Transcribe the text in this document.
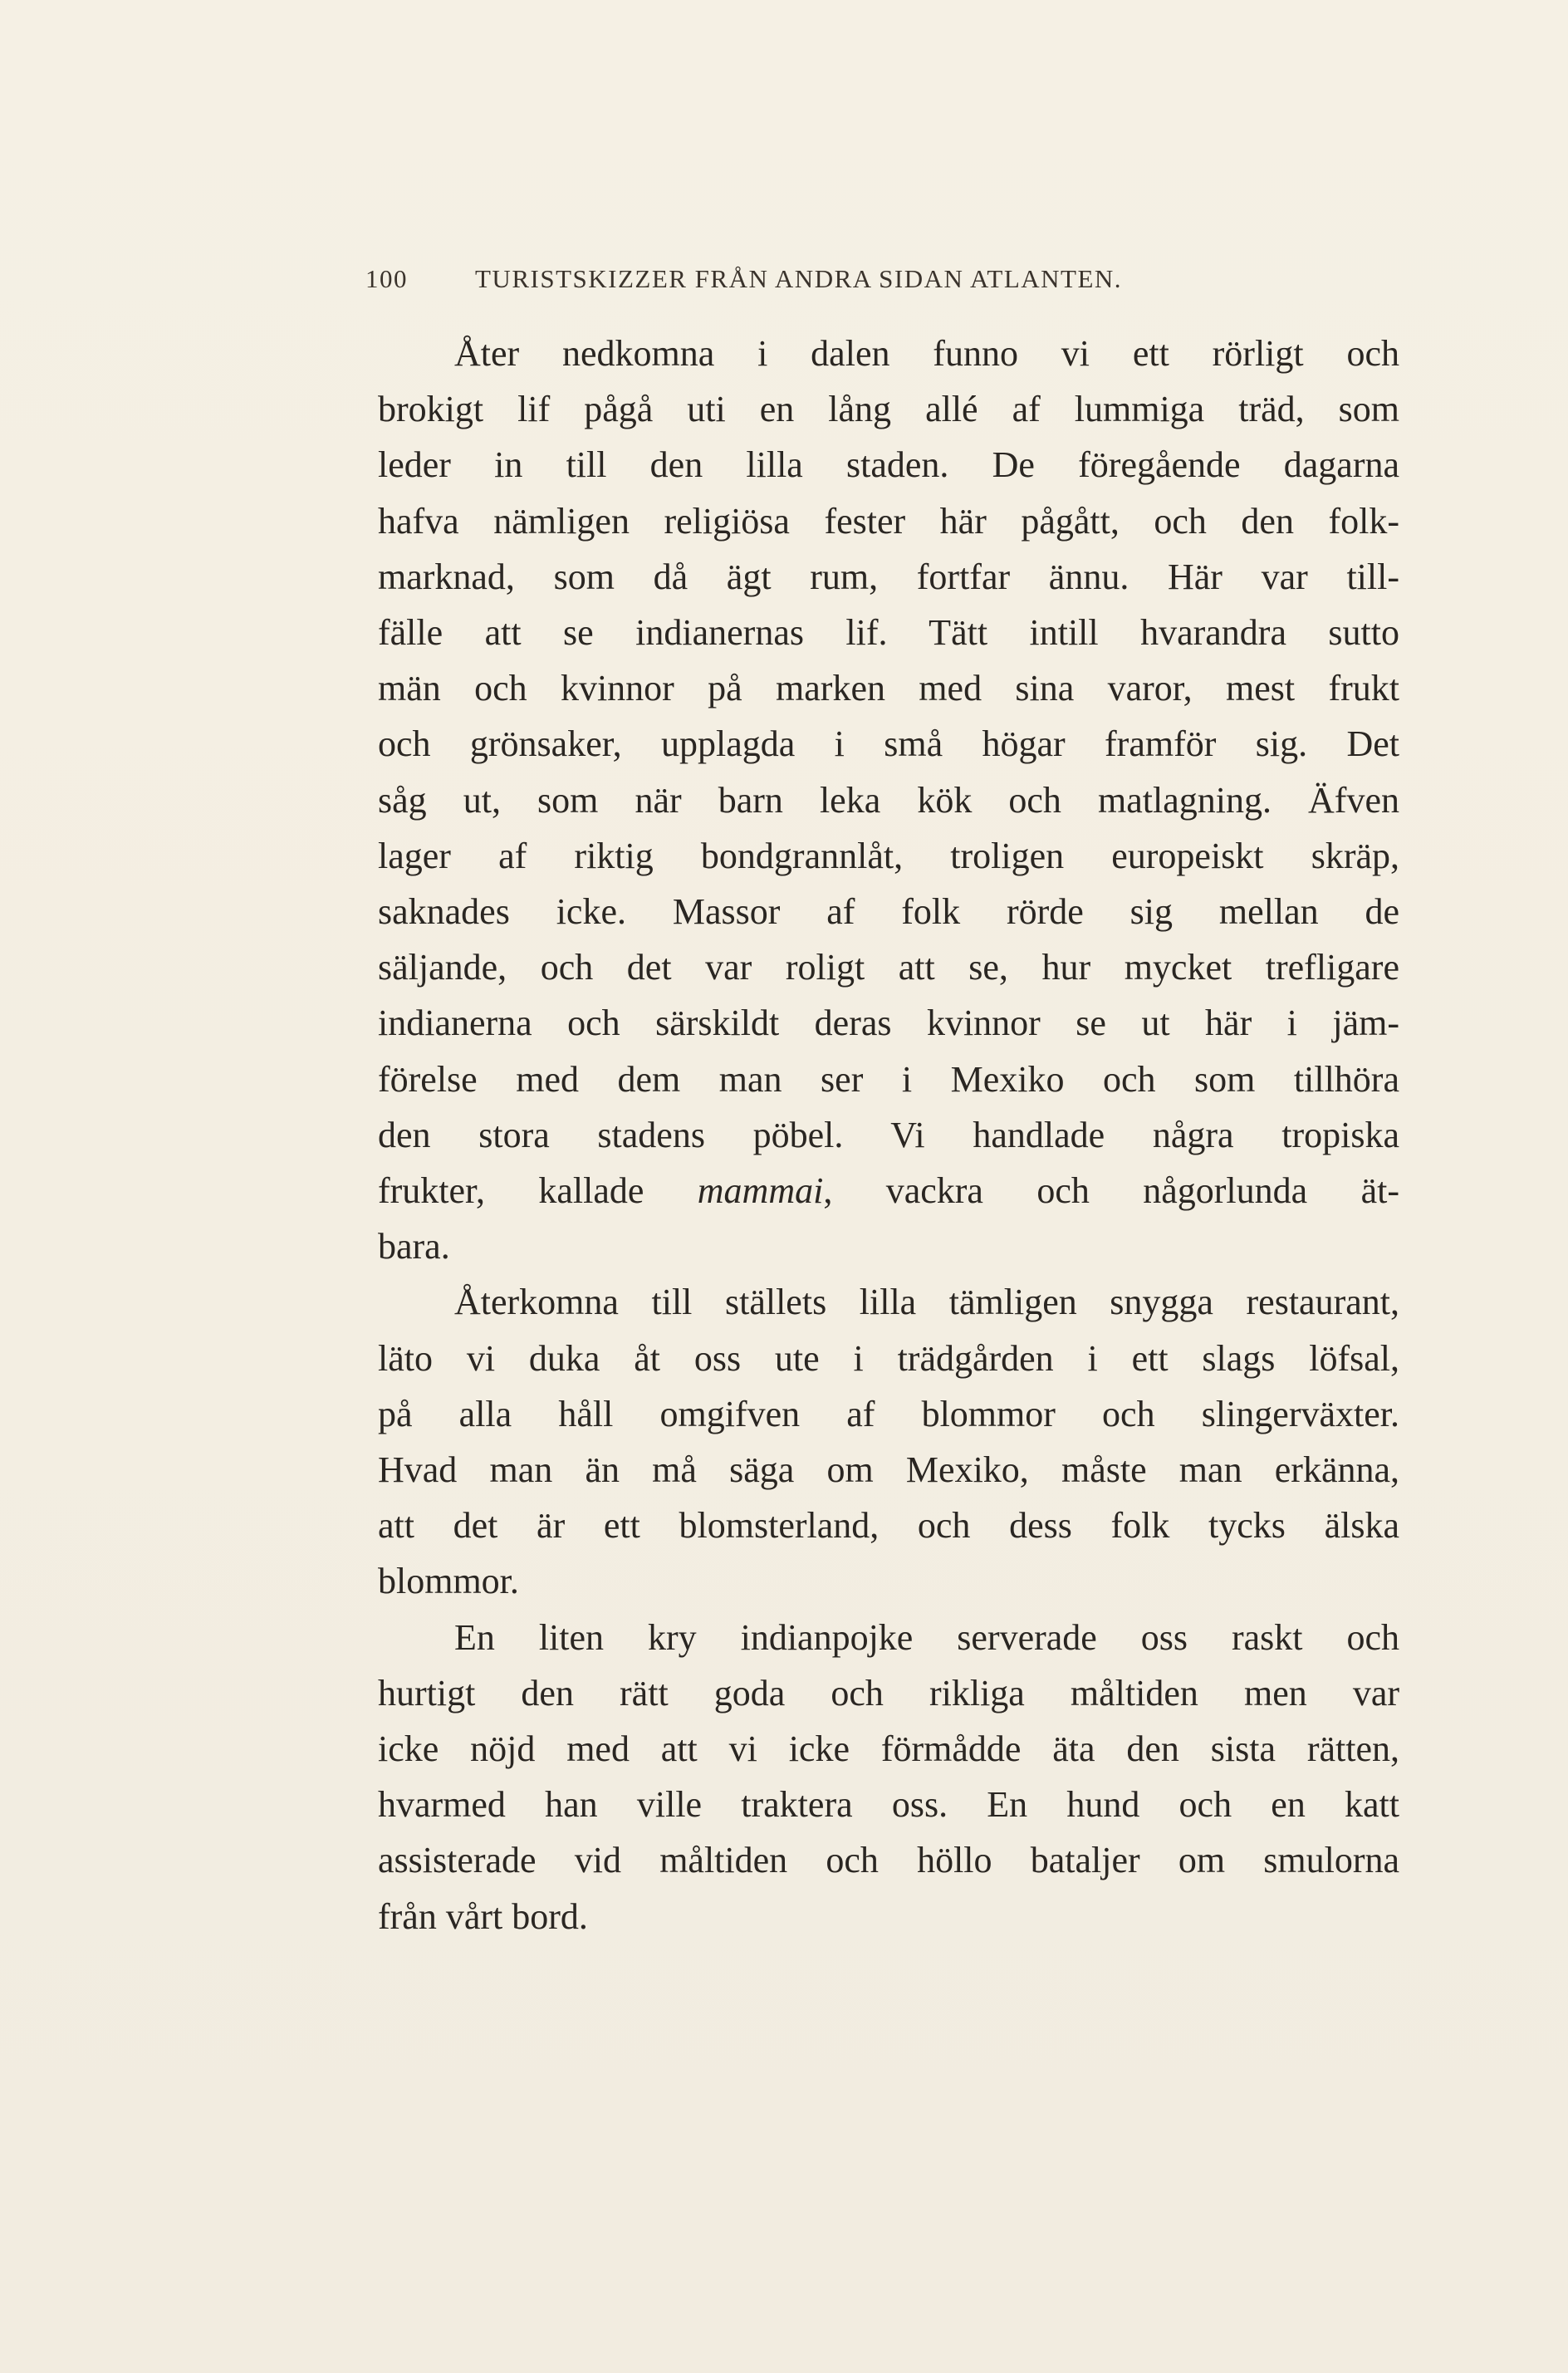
100	TURISTSKIZZER FRÅN ANDRA SIDAN ATLANTEN.

Åter nedkomna i dalen funno vi ett rörligt och
brokigt lif pågå uti en lång allé af lummiga träd, som
leder in till den lilla staden. De föregående dagarna
hafva nämligen religiösa fester här pågått, och den folk-
marknad, som då ägt rum, fortfar ännu. Här var till-
fälle att se indianernas lif. Tätt intill hvarandra sutto
män och kvinnor på marken med sina varor, mest frukt
och grönsaker, upplagda i små högar framför sig. Det
såg ut, som när barn leka kök och matlagning. Äfven
lager af riktig bondgrannlåt, troligen europeiskt skräp,
saknades icke. Massor af folk rörde sig mellan de
säljande, och det var roligt att se, hur mycket trefligare
indianerna och särskildt deras kvinnor se ut här i jäm-
förelse med dem man ser i Mexiko och som tillhöra
den stora stadens pöbel. Vi handlade några tropiska
frukter, kallade mammai, vackra och någorlunda ät-
bara.

Återkomna till ställets lilla tämligen snygga restaurant,
läto vi duka åt oss ute i trädgården i ett slags löfsal,
på alla håll omgifven af blommor och slingerväxter.
Hvad man än må säga om Mexiko, måste man erkänna,
att det är ett blomsterland, och dess folk tycks älska
blommor.

En liten kry indianpojke serverade oss raskt och
hurtigt den rätt goda och rikliga måltiden men var
icke nöjd med att vi icke förmådde äta den sista rätten,
hvarmed han ville traktera oss. En hund och en katt
assisterade vid måltiden och höllo bataljer om smulorna
från vårt bord.
